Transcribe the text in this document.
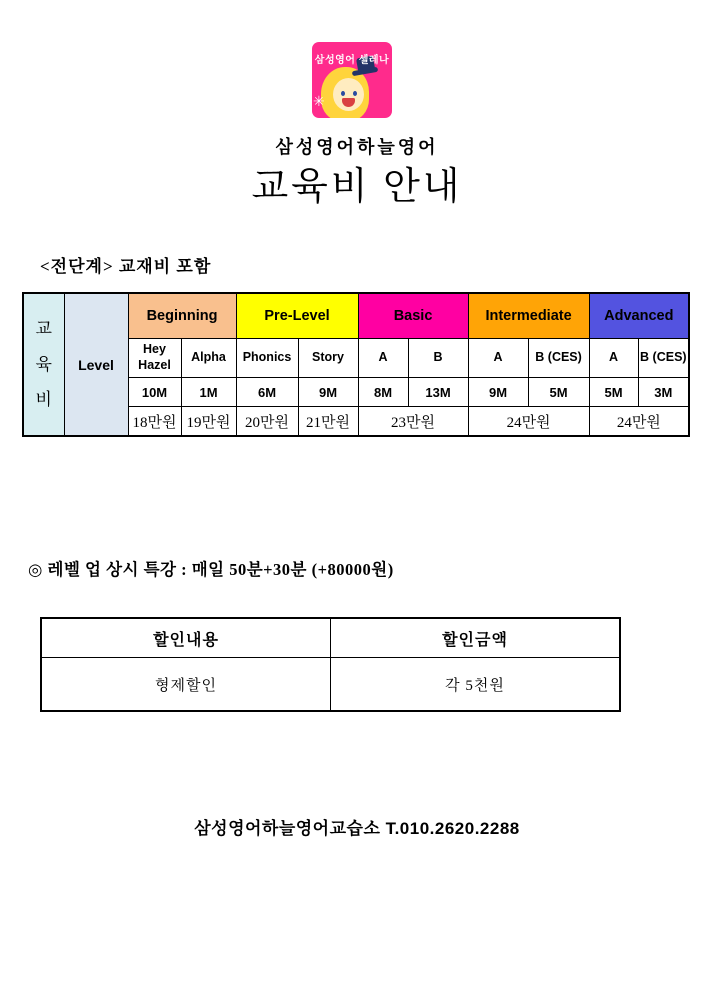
✳
삼성영어 셀레나
삼성영어하늘영어
교육비 안내
<전단계> 교재비 포함
교육비	Level	Beginning		Pre-Level		Basic		Intermediate		Advanced	
		Hey Hazel	Alpha	Phonics	Story	A	B	A	B (CES)	A	B (CES)
		10M	1M	6M	9M	8M	13M	9M	5M	5M	3M
		18만원	19만원	20만원	21만원	23만원		24만원		24만원	
◎ 레벨 업 상시 특강 : 매일 50분+30분 (+80000원)
할인내용	할인금액
형제할인	각 5천원
삼성영어하늘영어교습소 T.010.2620.2288
